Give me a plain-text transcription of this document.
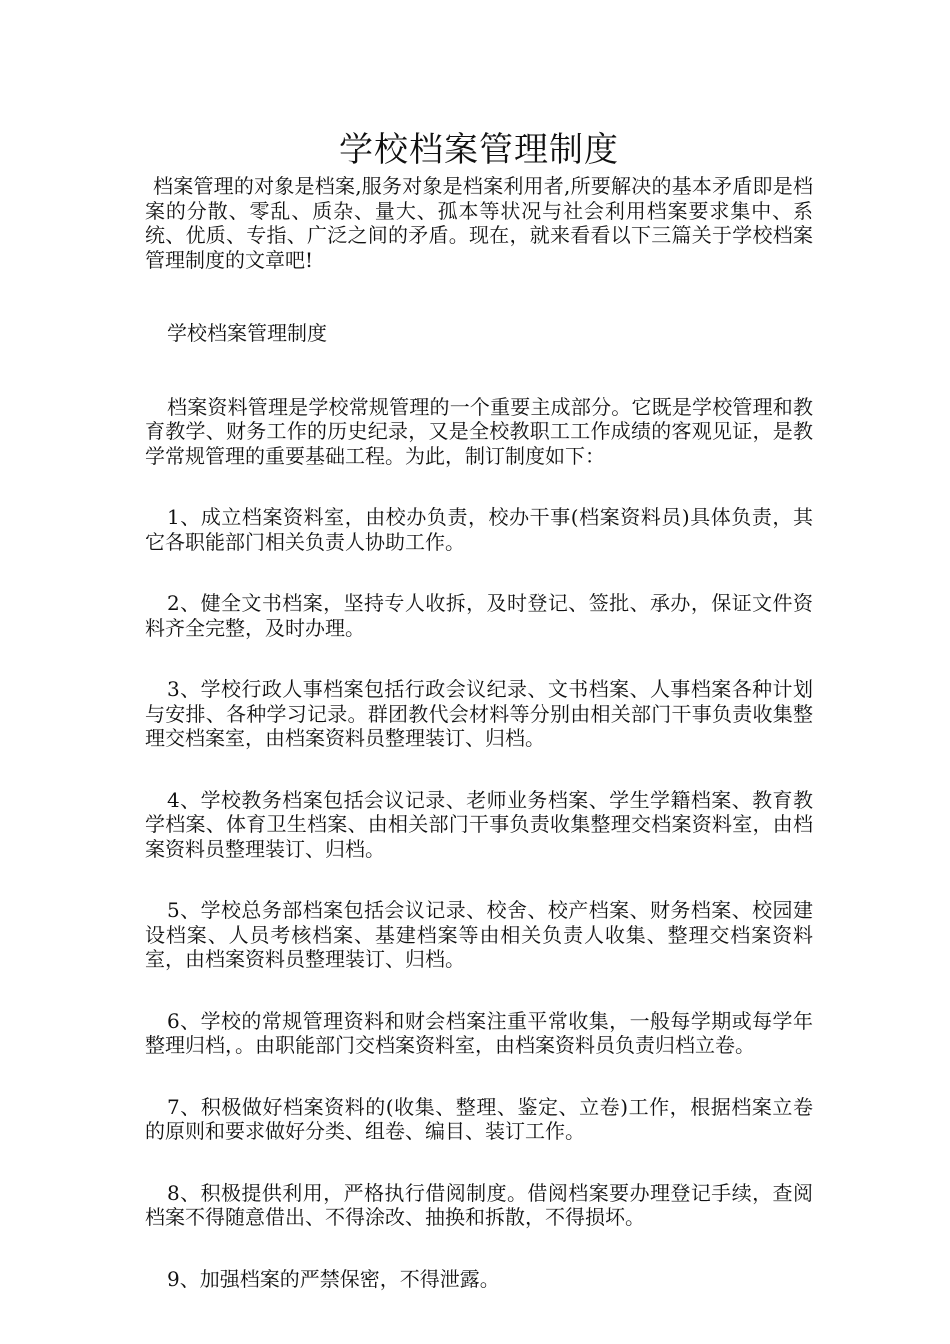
学校档案管理制度

档案管理的对象是档案,服务对象是档案利用者,所要解决的基本矛盾即是档案的分散、零乱、质杂、量大、孤本等状况与社会利用档案要求集中、系统、优质、专指、广泛之间的矛盾。现在，就来看看以下三篇关于学校档案管理制度的文章吧!

学校档案管理制度

档案资料管理是学校常规管理的一个重要主成部分。它既是学校管理和教育教学、财务工作的历史纪录，又是全校教职工工作成绩的客观见证，是教学常规管理的重要基础工程。为此，制订制度如下：

1、成立档案资料室，由校办负责，校办干事(档案资料员)具体负责，其它各职能部门相关负责人协助工作。

2、健全文书档案，坚持专人收拆，及时登记、签批、承办，保证文件资料齐全完整，及时办理。

3、学校行政人事档案包括行政会议纪录、文书档案、人事档案各种计划与安排、各种学习记录。群团教代会材料等分别由相关部门干事负责收集整理交档案室，由档案资料员整理装订、归档。

4、学校教务档案包括会议记录、老师业务档案、学生学籍档案、教育教学档案、体育卫生档案、由相关部门干事负责收集整理交档案资料室，由档案资料员整理装订、归档。

5、学校总务部档案包括会议记录、校舍、校产档案、财务档案、校园建设档案、人员考核档案、基建档案等由相关负责人收集、整理交档案资料室，由档案资料员整理装订、归档。

6、学校的常规管理资料和财会档案注重平常收集，一般每学期或每学年整理归档，。由职能部门交档案资料室，由档案资料员负责归档立卷。

7、积极做好档案资料的(收集、整理、鉴定、立卷)工作，根据档案立卷的原则和要求做好分类、组卷、编目、装订工作。

8、积极提供利用，严格执行借阅制度。借阅档案要办理登记手续，查阅档案不得随意借出、不得涂改、抽换和拆散，不得损坏。

9、加强档案的严禁保密，不得泄露。
